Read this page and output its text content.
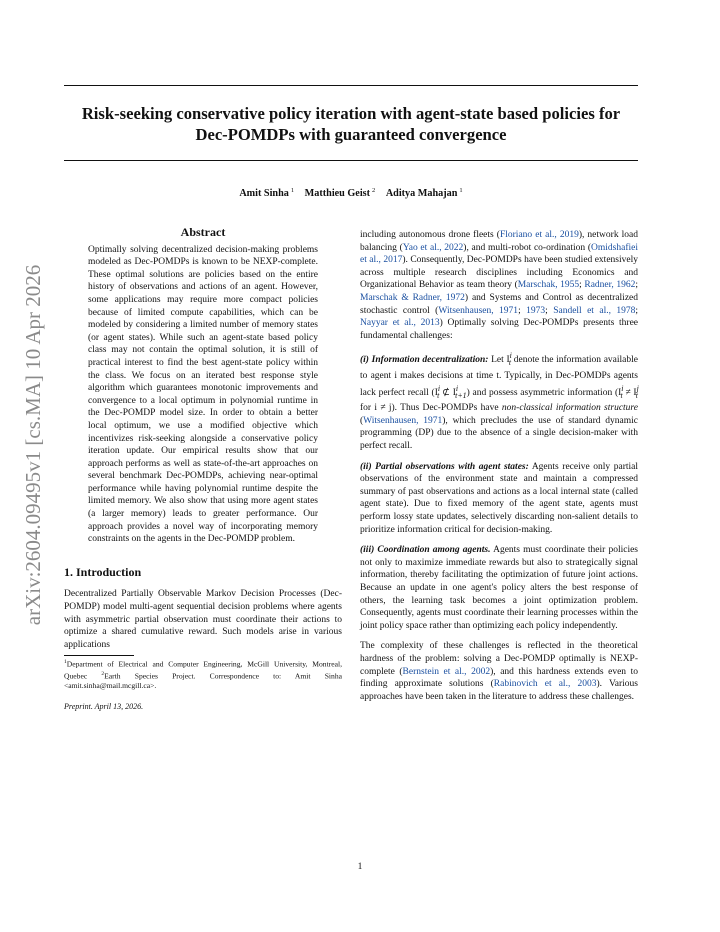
Risk-seeking conservative policy iteration with agent-state based policies for Dec-POMDPs with guaranteed convergence
Amit Sinha $^1$ Matthieu Geist $^2$ Aditya Mahajan $^1$
arXiv:2604.09495v1 [cs.MA] 10 Apr 2026
Abstract

Optimally solving decentralized decision-making problems modeled as Dec-POMDPs is known to be NEXP-complete. These optimal solutions are policies based on the entire history of observations and actions of an agent. However, some applications may require more compact policies because of limited compute capabilities, which can be modeled by considering a limited number of memory states (or agent states). While such an agent-state based policy class may not contain the optimal solution, it is still of practical interest to find the best agent-state policy within the class. We focus on an iterated best response style algorithm which guarantees monotonic improvements and convergence to a local optimum in polynomial runtime in the Dec-POMDP model size. In order to obtain a better local optimum, we use a modified objective which incentivizes risk-seeking alongside a conservative policy iteration update. Our empirical results show that our approach performs as well as state-of-the-art approaches on several benchmark Dec-POMDPs, achieving near-optimal performance while having polynomial runtime despite the limited memory. We also show that using more agent states (a larger memory) leads to greater performance. Our approach provides a novel way of incorporating memory constraints on the agents in the Dec-POMDP problem.

1. Introduction

Decentralized Partially Observable Markov Decision Processes (Dec-POMDP) model multi-agent sequential decision problems where agents with asymmetric partial observation must coordinate their actions to optimize a shared cumulative reward. Such models arise in various applications

$^1$Department of Electrical and Computer Engineering, McGill University, Montreal, Quebec $^2$Earth Species Project. Correspondence to: Amit Sinha <amit.sinha@mail.mcgill.ca>.
Preprint. April 13, 2026.

including autonomous drone fleets (Floriano et al., 2019), network load balancing (Yao et al., 2022), and multi-robot co-ordination (Omidshafiei et al., 2017). Consequently, Dec-POMDPs have been studied extensively across multiple research disciplines including Economics and Organizational Behavior as team theory (Marschak, 1955; Radner, 1962; Marschak & Radner, 1972) and Systems and Control as decentralized stochastic control (Witsenhausen, 1971; 1973; Sandell et al., 1978; Nayyar et al., 2013) Optimally solving Dec-POMDPs presents three fundamental challenges:

(i) Information decentralization: Let $I^i_t$ denote the information available to agent i makes decisions at time t. Typically, in Dec-POMDPs agents lack perfect recall ($I^i_t$ ⊄ $I^i_{t+1}$) and possess asymmetric information ($I^i_t \ne I^j_t$ for i ≠ j). Thus Dec-POMDPs have non-classical information structure (Witsenhausen, 1971), which precludes the use of standard dynamic programming (DP) due to the absence of a single decision-maker with perfect recall.

(ii) Partial observations with agent states: Agents receive only partial observations of the environment state and maintain a compressed summary of past observations and actions as a local internal state (called agent state). Due to fixed memory of the agent state, agents must perform lossy state updates, selectively discarding non-salient details to prioritize information critical for decision-making.

(iii) Coordination among agents. Agents must coordinate their policies not only to maximize immediate rewards but also to strategically signal information, thereby facilitating the optimization of future joint actions. Because an update in one agent's policy alters the best response of others, the learning task becomes a joint optimization problem. Consequently, agents must coordinate their learning processes within the joint policy space rather than optimizing each policy independently.

The complexity of these challenges is reflected in the theoretical hardness of the problem: solving a Dec-POMDP optimally is NEXP-complete (Bernstein et al., 2002), and this hardness extends even to finding approximate solutions (Rabinovich et al., 2003). Various approaches have been taken in the literature to address these challenges.

1
